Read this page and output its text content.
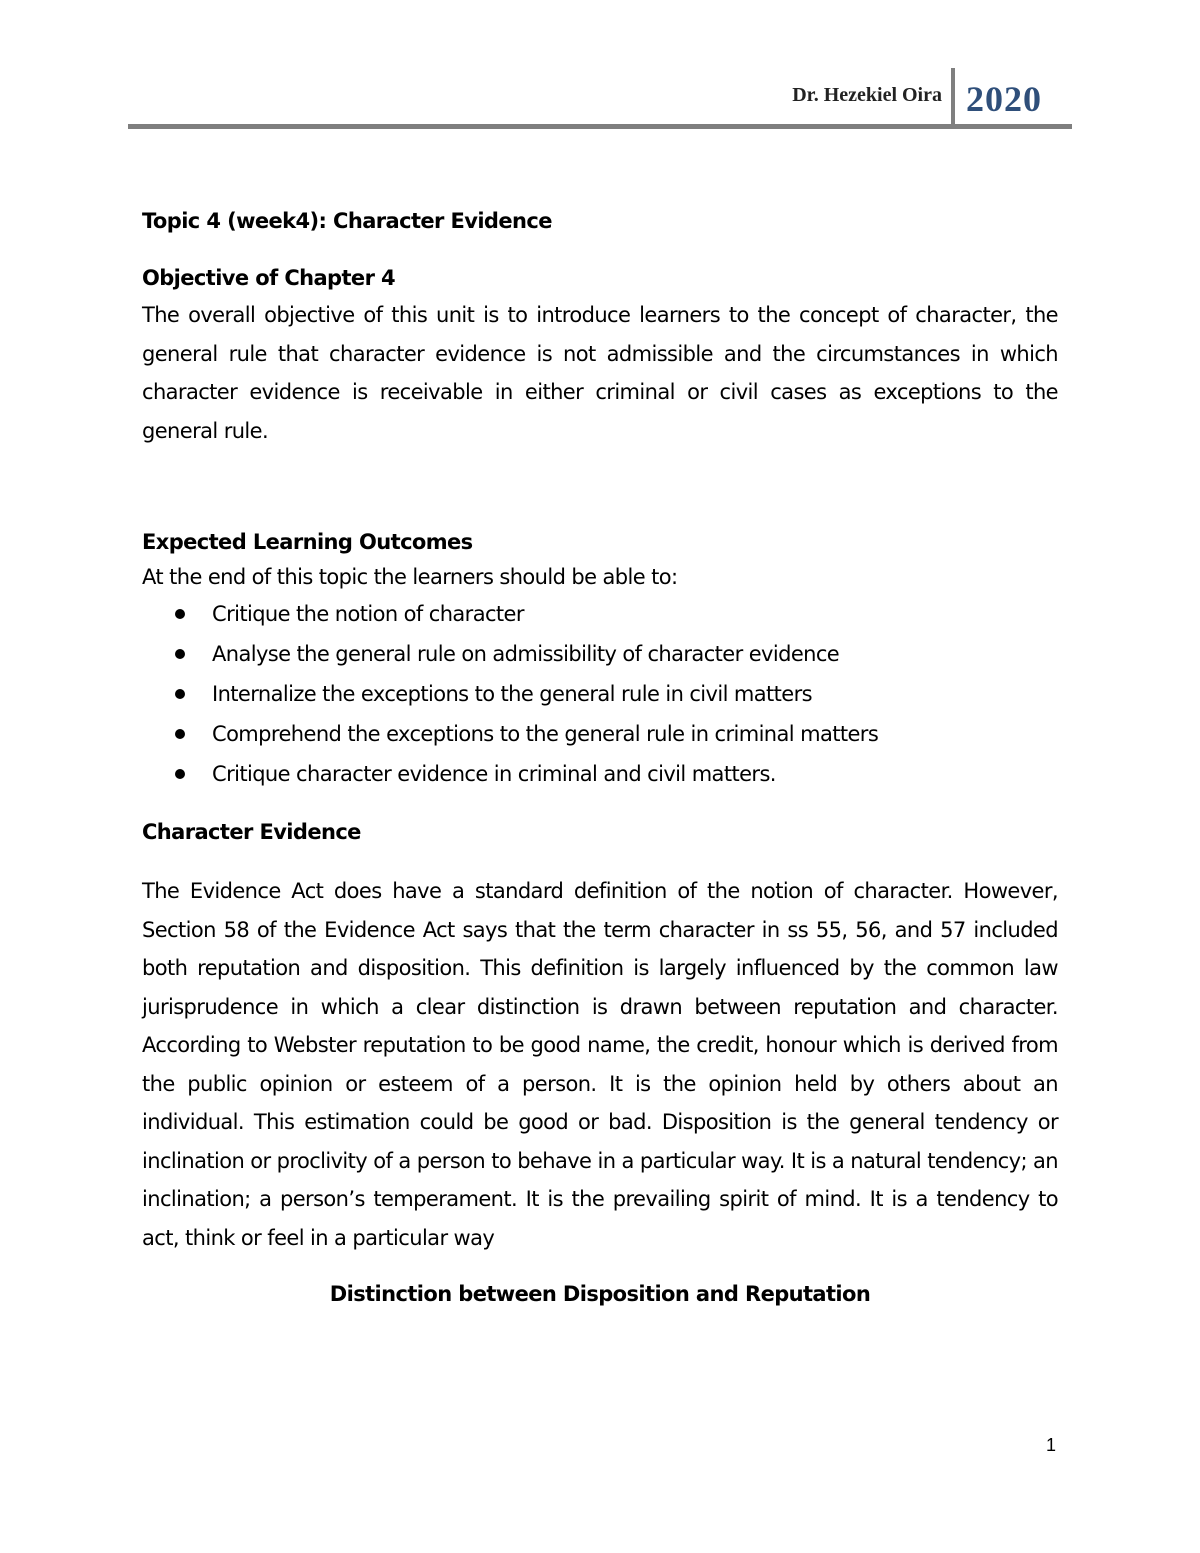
Dr. Hezekiel Oira 2020

Topic 4 (week4): Character Evidence

Objective of Chapter 4

The overall objective of this unit is to introduce learners to the concept of character, the general rule that character evidence is not admissible and the circumstances in which character evidence is receivable in either criminal or civil cases as exceptions to the general rule.

Expected Learning Outcomes

At the end of this topic the learners should be able to:

Critique the notion of character
Analyse the general rule on admissibility of character evidence
Internalize the exceptions to the general rule in civil matters
Comprehend the exceptions to the general rule in criminal matters
Critique character evidence in criminal and civil matters.

Character Evidence

The Evidence Act does have a standard definition of the notion of character. However, Section 58 of the Evidence Act says that the term character in ss 55, 56, and 57 included both reputation and disposition. This definition is largely influenced by the common law jurisprudence in which a clear distinction is drawn between reputation and character. According to Webster reputation to be good name, the credit, honour which is derived from the public opinion or esteem of a person. It is the opinion held by others about an individual. This estimation could be good or bad. Disposition is the general tendency or inclination or proclivity of a person to behave in a particular way. It is a natural tendency; an inclination; a person’s temperament. It is the prevailing spirit of mind. It is a tendency to act, think or feel in a particular way

Distinction between Disposition and Reputation

1
